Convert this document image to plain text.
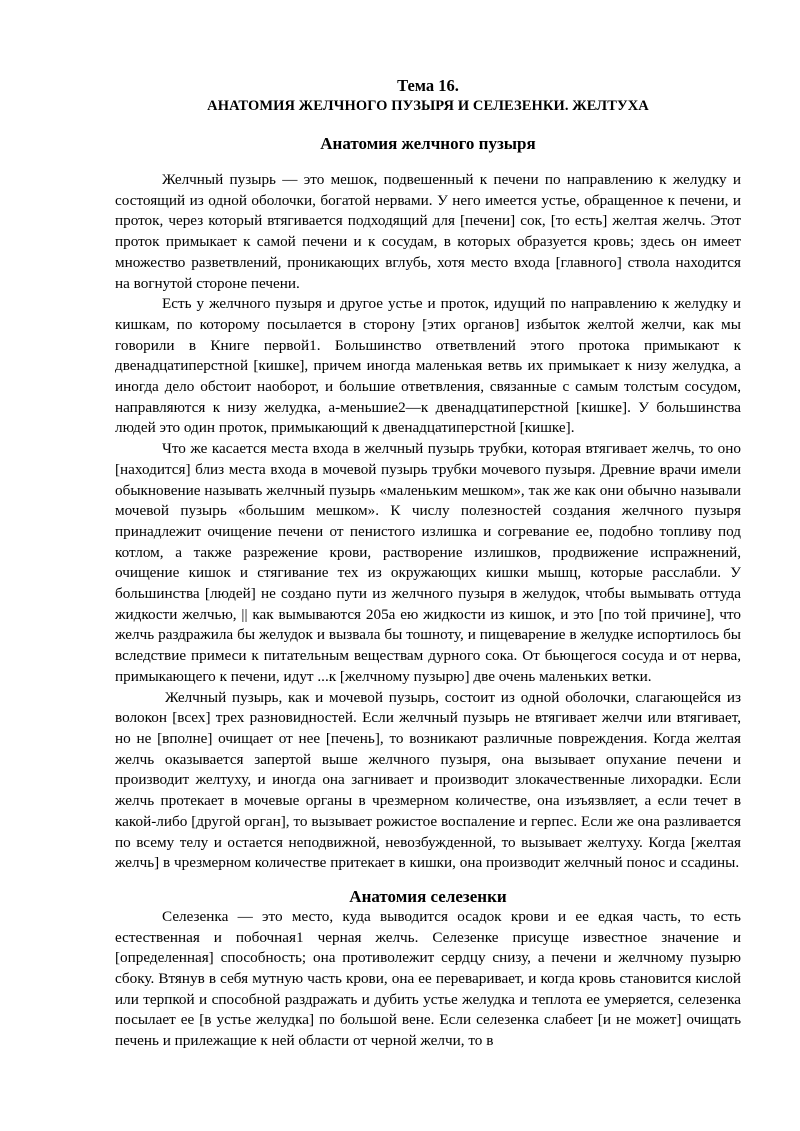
Тема 16.
АНАТОМИЯ ЖЕЛЧНОГО ПУЗЫРЯ И СЕЛЕЗЕНКИ. ЖЕЛТУХА
Анатомия желчного пузыря

Желчный пузырь — это мешок, подвешенный к печени по направлению к желудку и состоящий из одной оболочки, богатой нервами. У него имеется устье, обращенное к печени, и проток, через который втягивается подходящий для [печени] сок, [то есть] желтая желчь. Этот проток примыкает к самой печени и к сосудам, в которых образуется кровь; здесь он имеет множество разветвлений, проникающих вглубь, хотя место входа [главного] ствола находится на вогнутой стороне печени.

Есть у желчного пузыря и другое устье и проток, идущий по направлению к желудку и кишкам, по которому посылается в сторону [этих органов] избыток желтой желчи, как мы говорили в Книге первой1. Большинство ответвлений этого протока примыкают к двенадцатиперстной [кишке], причем иногда маленькая ветвь их примыкает к низу желудка, а иногда дело обстоит наоборот, и большие ответвления, связанные с самым толстым сосудом, направляются к низу желудка, а-меньшие2—к двенадцатиперстной [кишке]. У большинства людей это один проток, примыкающий к двенадцатиперстной [кишке].

Что же касается места входа в желчный пузырь трубки, которая втягивает желчь, то оно [находится] близ места входа в мочевой пузырь трубки мочевого пузыря. Древние врачи имели обыкновение называть желчный пузырь «маленьким мешком», так же как они обычно называли мочевой пузырь «большим мешком». К числу полезностей создания желчного пузыря принадлежит очищение печени от пенистого излишка и согревание ее, подобно топливу под котлом, а также разрежение крови, растворение излишков, продвижение испражнений, очищение кишок и стягивание тех из окружающих кишки мышц, которые расслабли. У большинства [людей] не создано пути из желчного пузыря в желудок, чтобы вымывать оттуда жидкости желчью, || как вымываются 205а ею жидкости из кишок, и это [по той причине], что желчь раздражила бы желудок и вызвала бы тошноту, и пищеварение в желудке испортилось бы вследствие примеси к питательным веществам дурного сока. От бьющегося сосуда и от нерва, примыкающего к печени, идут ...к [желчному пузырю] две очень маленьких ветки.

Желчный пузырь, как и мочевой пузырь, состоит из одной оболочки, слагающейся из волокон [всех] трех разновидностей. Если желчный пузырь не втягивает желчи или втягивает, но не [вполне] очищает от нее [печень], то возникают различные повреждения. Когда желтая желчь оказывается запертой выше желчного пузыря, она вызывает опухание печени и производит желтуху, и иногда она загнивает и производит злокачественные лихорадки. Если желчь протекает в мочевые органы в чрезмерном количестве, она изъязвляет, а если течет в какой-либо [другой орган], то вызывает рожистое воспаление и герпес. Если же она разливается по всему телу и остается неподвижной, невозбужденной, то вызывает желтуху. Когда [желтая желчь] в чрезмерном количестве притекает в кишки, она производит желчный понос и ссадины.

Анатомия селезенки

Селезенка — это место, куда выводится осадок крови и ее едкая часть, то есть естественная и побочная1 черная желчь. Селезенке присуще известное значение и [определенная] способность; она противолежит сердцу снизу, а печени и желчному пузырю сбоку. Втянув в себя мутную часть крови, она ее переваривает, и когда кровь становится кислой или терпкой и способной раздражать и дубить устье желудка и теплота ее умеряется, селезенка посылает ее [в устье желудка] по большой вене. Если селезенка слабеет [и не может] очищать печень и прилежащие к ней области от черной желчи, то в
